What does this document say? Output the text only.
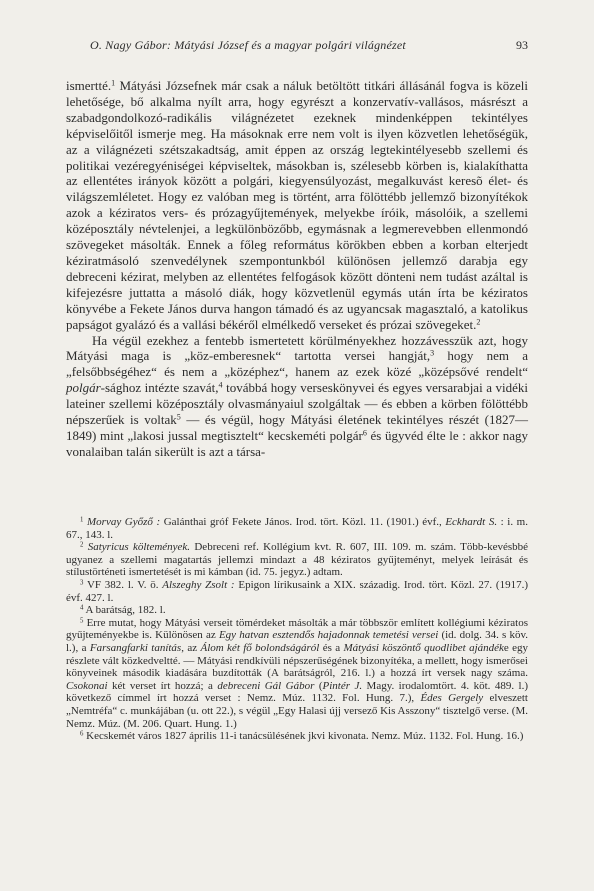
O. Nagy Gábor: Mátyási József és a magyar polgári világnézet	93

ismertté.$^1$ Mátyási Józsefnek már csak a náluk betöltött titkári állásánál fogva is közeli lehetősége, bő alkalma nyílt arra, hogy egyrészt a konzervatív-vallásos, másrészt a szabadgondolkozó-radikális világnézetet ezeknek mindenképpen tekintélyes képviselőitől ismerje meg. Ha másoknak erre nem volt is ilyen közvetlen lehetőségük, az a világnézeti szétszakadtság, amit éppen az ország legtekintélyesebb szellemi és politikai vezéregyéniségei képviseltek, másokban is, szélesebb körben is, kialakíthatta az ellentétes irányok között a polgári, kiegyensúlyozást, megalkuvást keresõ élet- és világszemléletet. Hogy ez valóban meg is történt, arra fölöttébb jellemző bizonyítékok azok a kéziratos vers- és prózagyűjtemények, melyekbe íróik, másolóik, a szellemi középosztály névtelenjei, a legkülönbözőbb, egymásnak a legmerevebben ellenmondó szövegeket másolták. Ennek a főleg református körökben ebben a korban elterjedt kéziratmásoló szenvedélynek szempontunkból különösen jellemző darabja egy debreceni kézirat, melyben az ellentétes felfogások között dönteni nem tudást azáltal is kifejezésre juttatta a másoló diák, hogy közvetlenül egymás után írta be kéziratos könyvébe a Fekete János durva hangon támadó és az ugyancsak magasztaló, a katolikus papságot gyalázó és a vallási békéről elmélkedő verseket és prózai szövegeket.$^2$

Ha végül ezekhez a fentebb ismertetett körülményekhez hozzávesszük azt, hogy Mátyási maga is „köz-emberesnek“ tartotta versei hangját,$^3$ hogy nem a „felsőbbségéhez“ és nem a „középhez“, hanem az ezek közé „középsővé rendelt“ polgár-sághoz intézte szavát,$^4$ továbbá hogy verseskönyvei és egyes versarabjai a vidéki lateiner szellemi középosztály olvasmányaiul szolgáltak — és ebben a körben fölöttébb népszerűek is voltak$^5$ — és végül, hogy Mátyási életének tekintélyes részét (1827—1849) mint „lakosi jussal megtisztelt“ kecskeméti polgár$^6$ és ügyvéd élte le : akkor nagy vonalaiban talán sikerült is azt a társa-

$^1$ Morvay Győző : Galánthai gróf Fekete János. Irod. tört. Közl. 11. (1901.) évf., Eckhardt S. : i. m. 67., 143. l.

$^2$ Satyricus költemények. Debreceni ref. Kollégium kvt. R. 607, III. 109. m. szám. Több-kevésbbé ugyanez a szellemi magatartás jellemzi mindazt a 48 kéziratos gyűjteményt, melyek leírását és stílustörténeti ismertetését is mi kámban (id. 75. jegyz.) adtam.

$^3$ VF 382. l. V. ö. Alszeghy Zsolt : Epigon lírikusaink a XIX. századig. Irod. tört. Közl. 27. (1917.) évf. 427. l.

$^4$ A barátság, 182. l.

$^5$ Erre mutat, hogy Mátyási verseit tömérdeket másolták a már többször említett kollégiumi kéziratos gyűjteményekbe is. Különösen az Egy hatvan esztendős hajadonnak temetési versei (id. dolg. 34. s köv. l.), a Farsangfarki tanítás, az Álom két fő bolondságáról és a Mátyási köszöntő quodlibet ajándéke egy részlete vált közkedveltté. — Mátyási rendkívüli népszerűségének bizonyítéka, a mellett, hogy ismerősei könyveinek második kiadására buzdították (A barátságról, 216. l.) a hozzá írt versek nagy száma. Csokonai két verset írt hozzá; a debreceni Gál Gábor (Pintér J. Magy. irodalomtört. 4. köt. 489. l.) következő címmel írt hozzá verset : Nemz. Múz. 1132. Fol. Hung. 7.), Édes Gergely elveszett „Nemtréfa“ c. munkájában (u. ott 22.), s végül „Egy Halasi újj versező Kis Asszony“ tisztelgő verse. (M. Nemz. Múz. (M. 206. Quart. Hung. 1.)

$^6$ Kecskemét város 1827 április 11-i tanácsülésének jkvi kivonata. Nemz. Múz. 1132. Fol. Hung. 16.)
